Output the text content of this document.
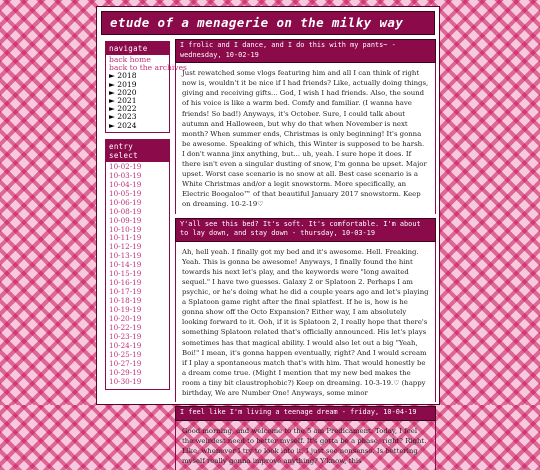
etude of a menagerie on the milky way
navigate
back home
back to the archives
► 2018
► 2019
► 2020
► 2021
► 2022
► 2023
► 2024
entry select
10-02-19
10-03-19
10-04-19
10-05-19
10-06-19
10-08-19
10-09-19
10-10-19
10-11-19
10-12-19
10-13-19
10-14-19
10-15-19
10-16-19
10-17-19
10-18-19
10-19-19
10-20-19
10-22-19
10-23-19
10-24-19
10-25-19
10-27-19
10-29-19
10-30-19
I frolic and I dance, and I do this with my pants~ - wednesday, 10-02-19
Just rewatched some vlogs featuring him and all I can think of right now is, wouldn't it be nice if I had friends? Like, actually doing things, giving and receiving gifts... God, I wish I had friends. Also, the sound of his voice is like a warm bed. Comfy and familiar. (I wanna have friends! So bad!) Anyways, it's October. Sure, I could talk about autumn and Halloween, but why do that when November is next month? When summer ends, Christmas is only beginning! It's gonna be awesome. Speaking of which, this Winter is supposed to be harsh. I don't wanna jinx anything, but... uh, yeah. I sure hope it does. If there isn't even a singular dusting of snow, I'm gonna be upset. Major upset. Worst case scenario is no snow at all. Best case scenario is a White Christmas and/or a legit snowstorm. More specifically, an Electric Boogaloo™ of that beautiful January 2017 snowstorm. Keep on dreaming. 10-2-19♡
Y'all see this bed? It's soft. It's comfortable. I'm about to lay down, and stay down - thursday, 10-03-19
Ah, hell yeah. I finally got my bed and it's awesome. Hell. Freaking. Yeah. This is gonna be awesome! Anyways, I finally found the hint towards his next let's play, and the keywords were "long awaited sequel." I have two guesses. Galaxy 2 or Splatoon 2. Perhaps I am psychic, or he's doing what he did a couple years ago and let's playing a Splatoon game right after the final splatfest. If he is, how is he gonna show off the Octo Expansion? Either way, I am absolutely looking forward to it. Ooh, if it is Splatoon 2, I really hope that there's something Splatoon related that's officially announced. His let's plays sometimes has that magical ability. I would also let out a big "Yeah, Boi!" I mean, it's gonna happen eventually, right? And I would scream if I play a spontaneous match that's with him. That would honestly be a dream come true. (Might I mention that my new bed makes the room a tiny bit claustrophobic?) Keep on dreaming. 10-3-19.♡ (happy birthday, We are Number One! Anyways, some minor
I feel like I'm living a teenage dream - friday, 10-04-19
Good morning, and welcome to the 5 am Predicament. Today, I feel the weirdest need to better myself. It's gotta be a phase, right? Right. Like, whenever I try to look into it, I just see nonsense. Is bettering myself really gonna improve anything? Y'know, this
